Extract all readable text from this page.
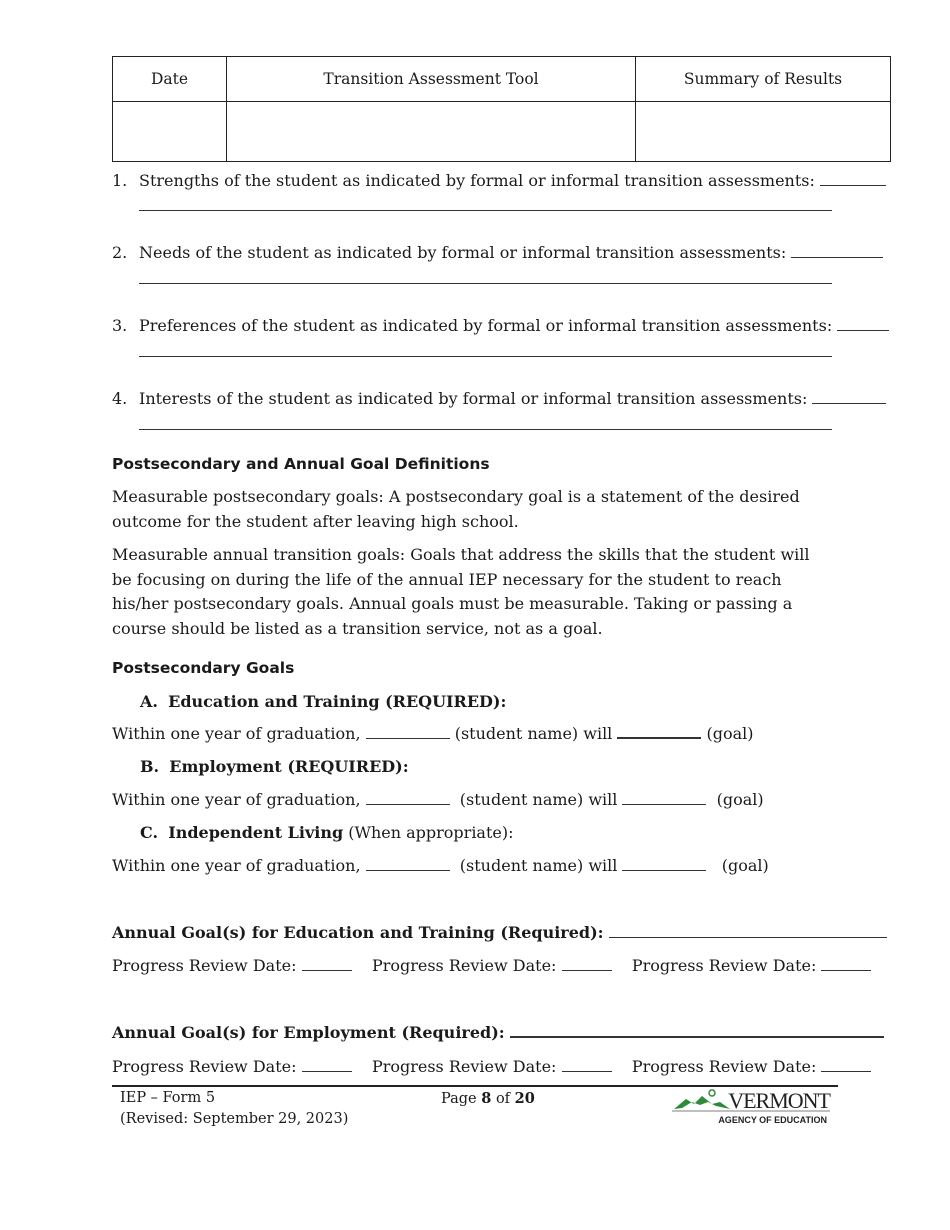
Date	Transition Assessment Tool	Summary of Results

1. Strengths of the student as indicated by formal or informal transition assessments:
2. Needs of the student as indicated by formal or informal transition assessments:
3. Preferences of the student as indicated by formal or informal transition assessments:
4. Interests of the student as indicated by formal or informal transition assessments:
Postsecondary and Annual Goal Definitions
Measurable postsecondary goals: A postsecondary goal is a statement of the desired outcome for the student after leaving high school.
Measurable annual transition goals: Goals that address the skills that the student will be focusing on during the life of the annual IEP necessary for the student to reach his/her postsecondary goals. Annual goals must be measurable. Taking or passing a course should be listed as a transition service, not as a goal.
Postsecondary Goals
A. Education and Training (REQUIRED):
Within one year of graduation,	(student name) will	(goal)
B. Employment (REQUIRED):
Within one year of graduation,	(student name) will	(goal)
C. Independent Living (When appropriate):
Within one year of graduation,	(student name) will	(goal)
Annual Goal(s) for Education and Training (Required):
Progress Review Date:	Progress Review Date:	Progress Review Date:
Annual Goal(s) for Employment (Required):
Progress Review Date:	Progress Review Date:	Progress Review Date:
IEP – Form 5
(Revised: September 29, 2023)
Page 8 of 20	VERMONT
AGENCY OF EDUCATION
